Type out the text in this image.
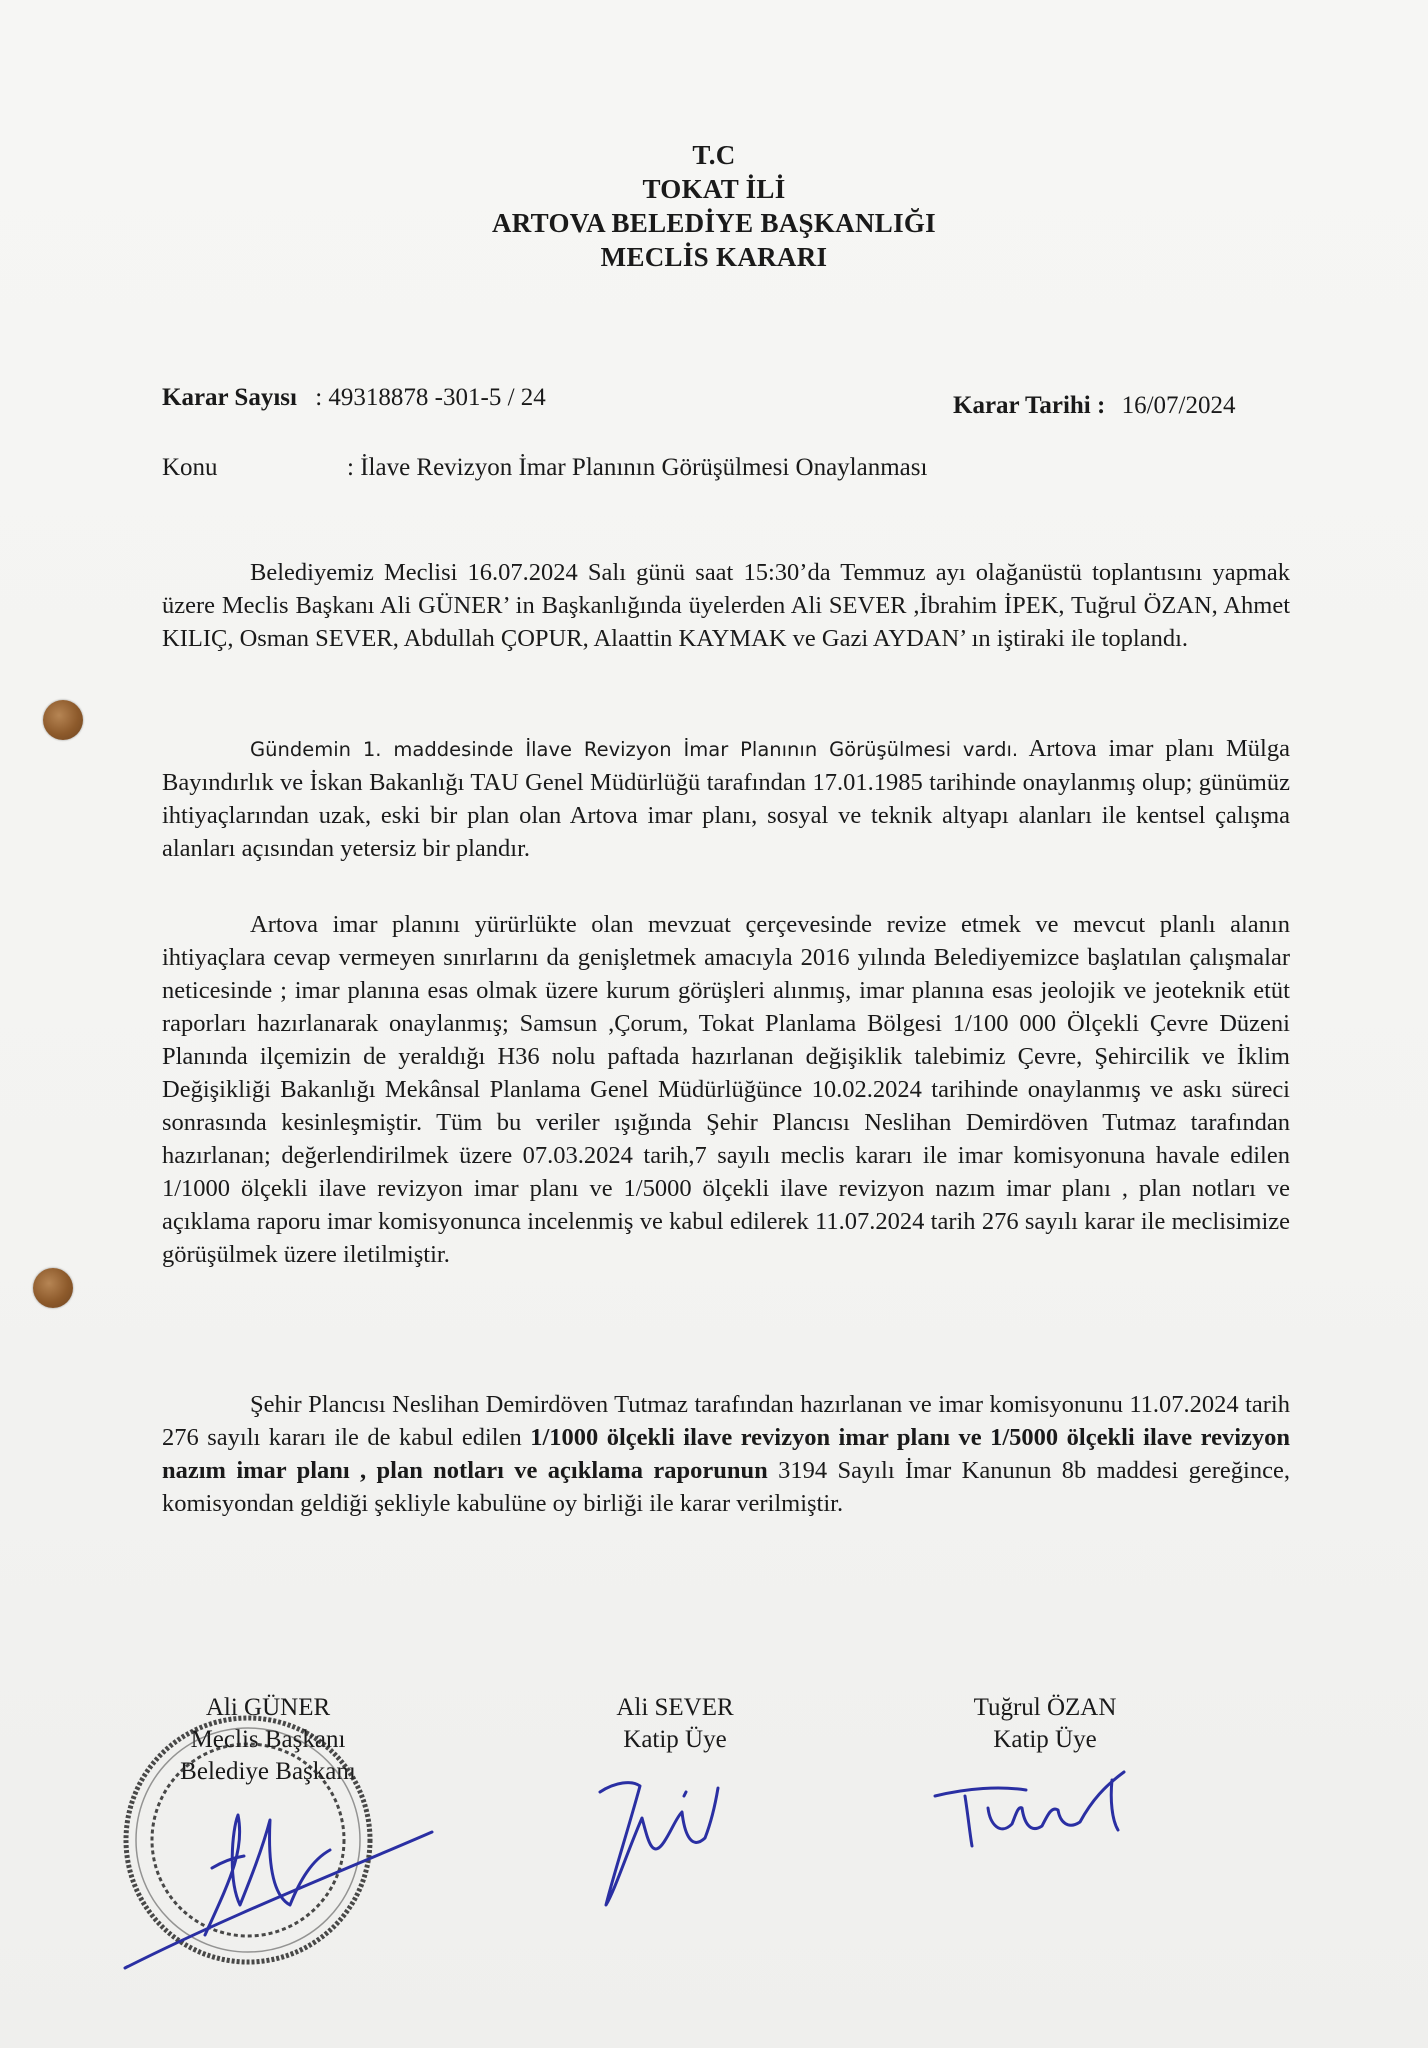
T.C
TOKAT İLİ
ARTOVA BELEDİYE BAŞKANLIĞI
MECLİS KARARI
Karar Sayısı : 49318878 -301-5 / 24	Karar Tarihi : 16/07/2024
Konu	: İlave Revizyon İmar Planının Görüşülmesi Onaylanması
Belediyemiz Meclisi 16.07.2024 Salı günü saat 15:30’da Temmuz ayı olağanüstü toplantısını yapmak üzere Meclis Başkanı Ali GÜNER’ in Başkanlığında üyelerden Ali SEVER ,İbrahim İPEK, Tuğrul ÖZAN, Ahmet KILIÇ, Osman SEVER, Abdullah ÇOPUR, Alaattin KAYMAK ve Gazi AYDAN’ ın iştiraki ile toplandı.
Gündemin 1. maddesinde İlave Revizyon İmar Planının Görüşülmesi vardı. Artova imar planı Mülga Bayındırlık ve İskan Bakanlığı TAU Genel Müdürlüğü tarafından 17.01.1985 tarihinde onaylanmış olup; günümüz ihtiyaçlarından uzak, eski bir plan olan Artova imar planı, sosyal ve teknik altyapı alanları ile kentsel çalışma alanları açısından yetersiz bir plandır.
Artova imar planını yürürlükte olan mevzuat çerçevesinde revize etmek ve mevcut planlı alanın ihtiyaçlara cevap vermeyen sınırlarını da genişletmek amacıyla 2016 yılında Belediyemizce başlatılan çalışmalar neticesinde ; imar planına esas olmak üzere kurum görüşleri alınmış, imar planına esas jeolojik ve jeoteknik etüt raporları hazırlanarak onaylanmış; Samsun ,Çorum, Tokat Planlama Bölgesi 1/100 000 Ölçekli Çevre Düzeni Planında ilçemizin de yeraldığı H36 nolu paftada hazırlanan değişiklik talebimiz Çevre, Şehircilik ve İklim Değişikliği Bakanlığı Mekânsal Planlama Genel Müdürlüğünce 10.02.2024 tarihinde onaylanmış ve askı süreci sonrasında kesinleşmiştir. Tüm bu veriler ışığında Şehir Plancısı Neslihan Demirdöven Tutmaz tarafından hazırlanan; değerlendirilmek üzere 07.03.2024 tarih,7 sayılı meclis kararı ile imar komisyonuna havale edilen 1/1000 ölçekli ilave revizyon imar planı ve 1/5000 ölçekli ilave revizyon nazım imar planı , plan notları ve açıklama raporu imar komisyonunca incelenmiş ve kabul edilerek 11.07.2024 tarih 276 sayılı karar ile meclisimize görüşülmek üzere iletilmiştir.
Şehir Plancısı Neslihan Demirdöven Tutmaz tarafından hazırlanan ve imar komisyonunu 11.07.2024 tarih 276 sayılı kararı ile de kabul edilen 1/1000 ölçekli ilave revizyon imar planı ve 1/5000 ölçekli ilave revizyon nazım imar planı , plan notları ve açıklama raporunun 3194 Sayılı İmar Kanunun 8b maddesi gereğince, komisyondan geldiği şekliyle kabulüne oy birliği ile karar verilmiştir.
Ali GÜNER
Meclis Başkanı
Belediye Başkanı
Ali SEVER
Katip Üye
Tuğrul ÖZAN
Katip Üye
